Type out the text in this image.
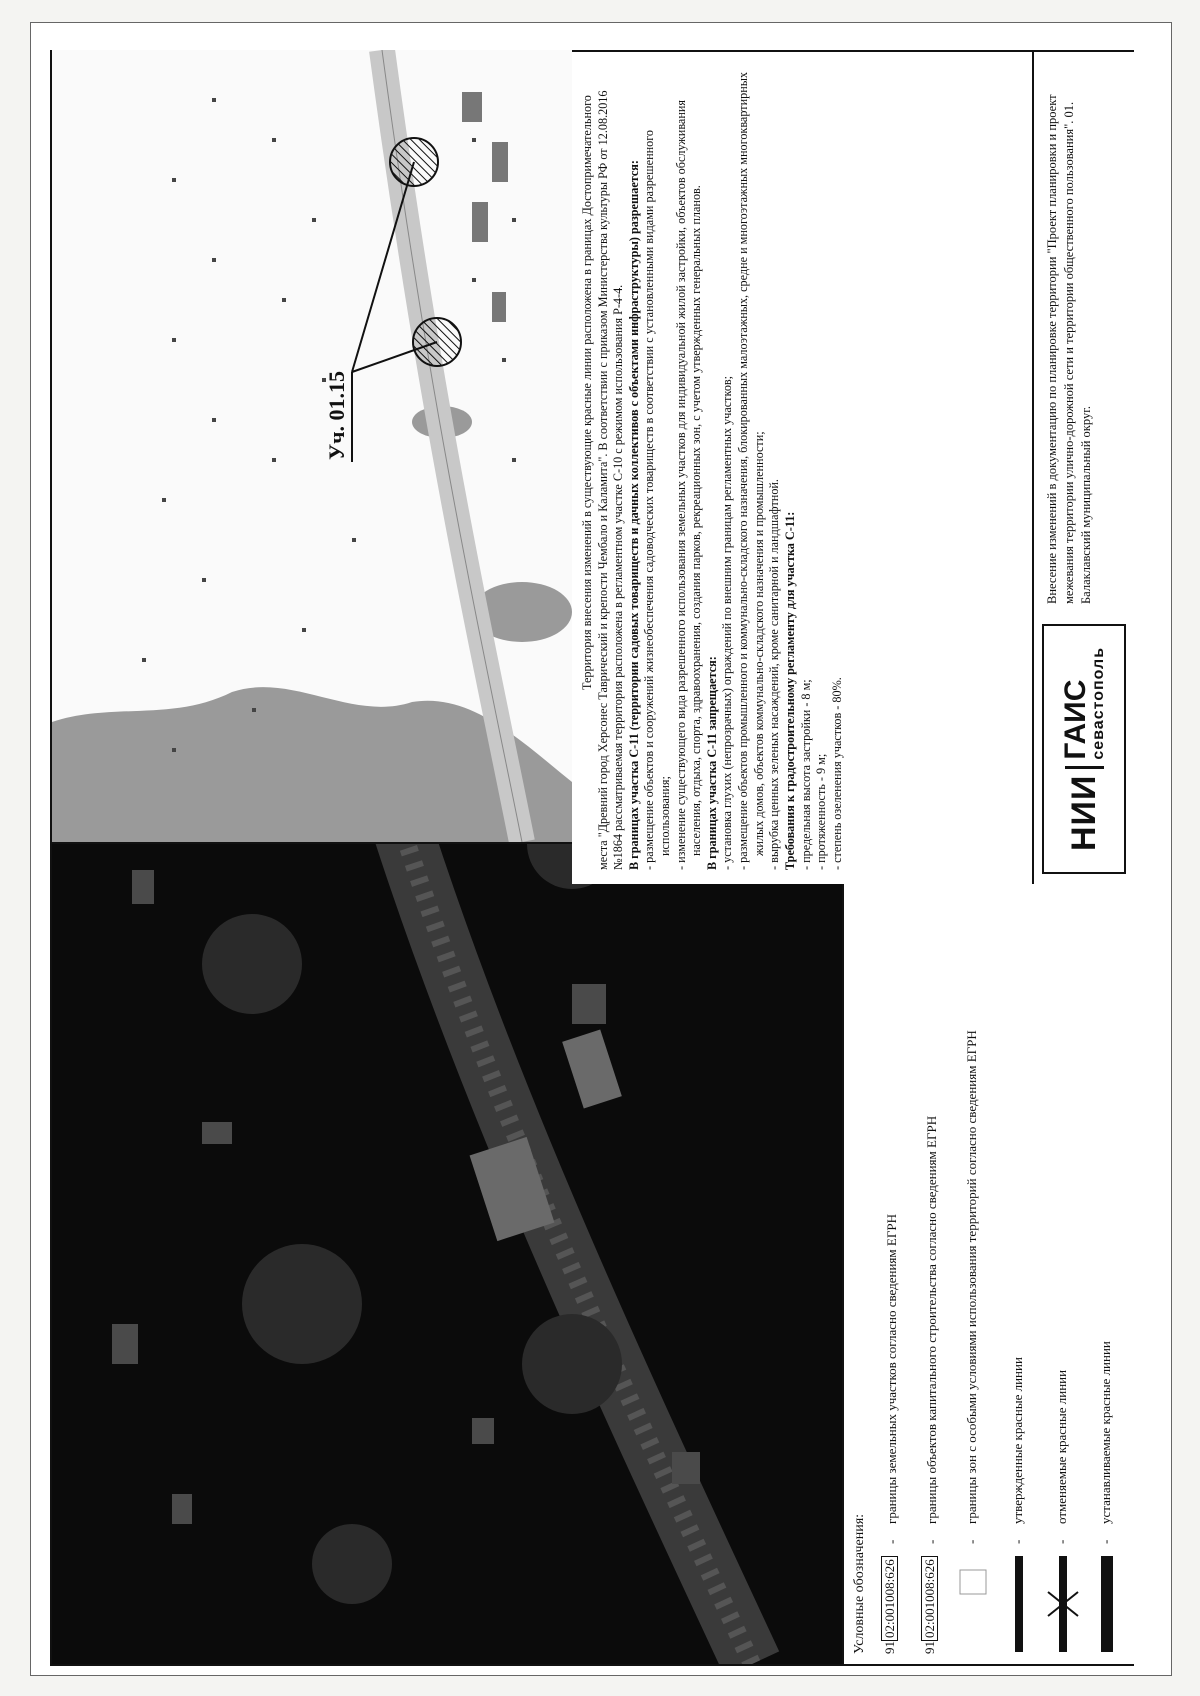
Уч. 01.15
Условные обозначения: 9102:001008:626
-
границы земельных участков согласно сведениям ЕГРН
9102:001008:626
-
границы объектов капитального строительства согласно сведениям ЕГРН
-
границы зон с особыми условиями использования территорий согласно сведениям ЕГРН
-
утвержденные красные линии
-
отменяемые красные линии
-
устанавливаемые красные линии

Территория внесения изменений в существующие красные линии расположена в границах Достопримечательного места "Древний город Херсонес Таврический и крепости Чембало и Каламита". В соответствии с приказом Министерства культуры РФ от 12.08.2016 №1864 рассматриваемая территория расположена в регламентном участке С-10 с режимом использования Р-4-4. В границах участка С-11 (территории садовых товариществ и дачных коллективов с объектами инфраструктуры) разрешается: - размещение объектов и сооружений жизнеобеспечения садоводческих товариществ в соответствии с установленными видами разрешенного использования; - изменение существующего вида разрешенного использования земельных участков для индивидуальной жилой застройки, объектов обслуживания населения, отдыха, спорта, здравоохранения, создания парков, рекреационных зон, с учетом утвержденных генеральных планов. В границах участка С-11 запрещается: - установка глухих (непрозрачных) ограждений по внешним границам регламентных участков; - размещение объектов промышленного и коммунально-складского назначения, блокированных малоэтажных, средне и многоэтажных многоквартирных жилых домов, объектов коммунально-складского назначения и промышленности; - вырубка ценных зеленых насаждений, кроме санитарной и ландшафтной. Требования к градостроительному регламенту для участка С-11: - предельная высота застройки - 8 м; - протяженность - 9 м; - степень озеленения участков - 80%.	НИИ
ГАИС
севастополь
Внесение изменений в документацию по планировке территории "Проект планировки и проект межевания территории улично-дорожной сети и территории общественного пользования". 01. Балаклавский муниципальный округ.
